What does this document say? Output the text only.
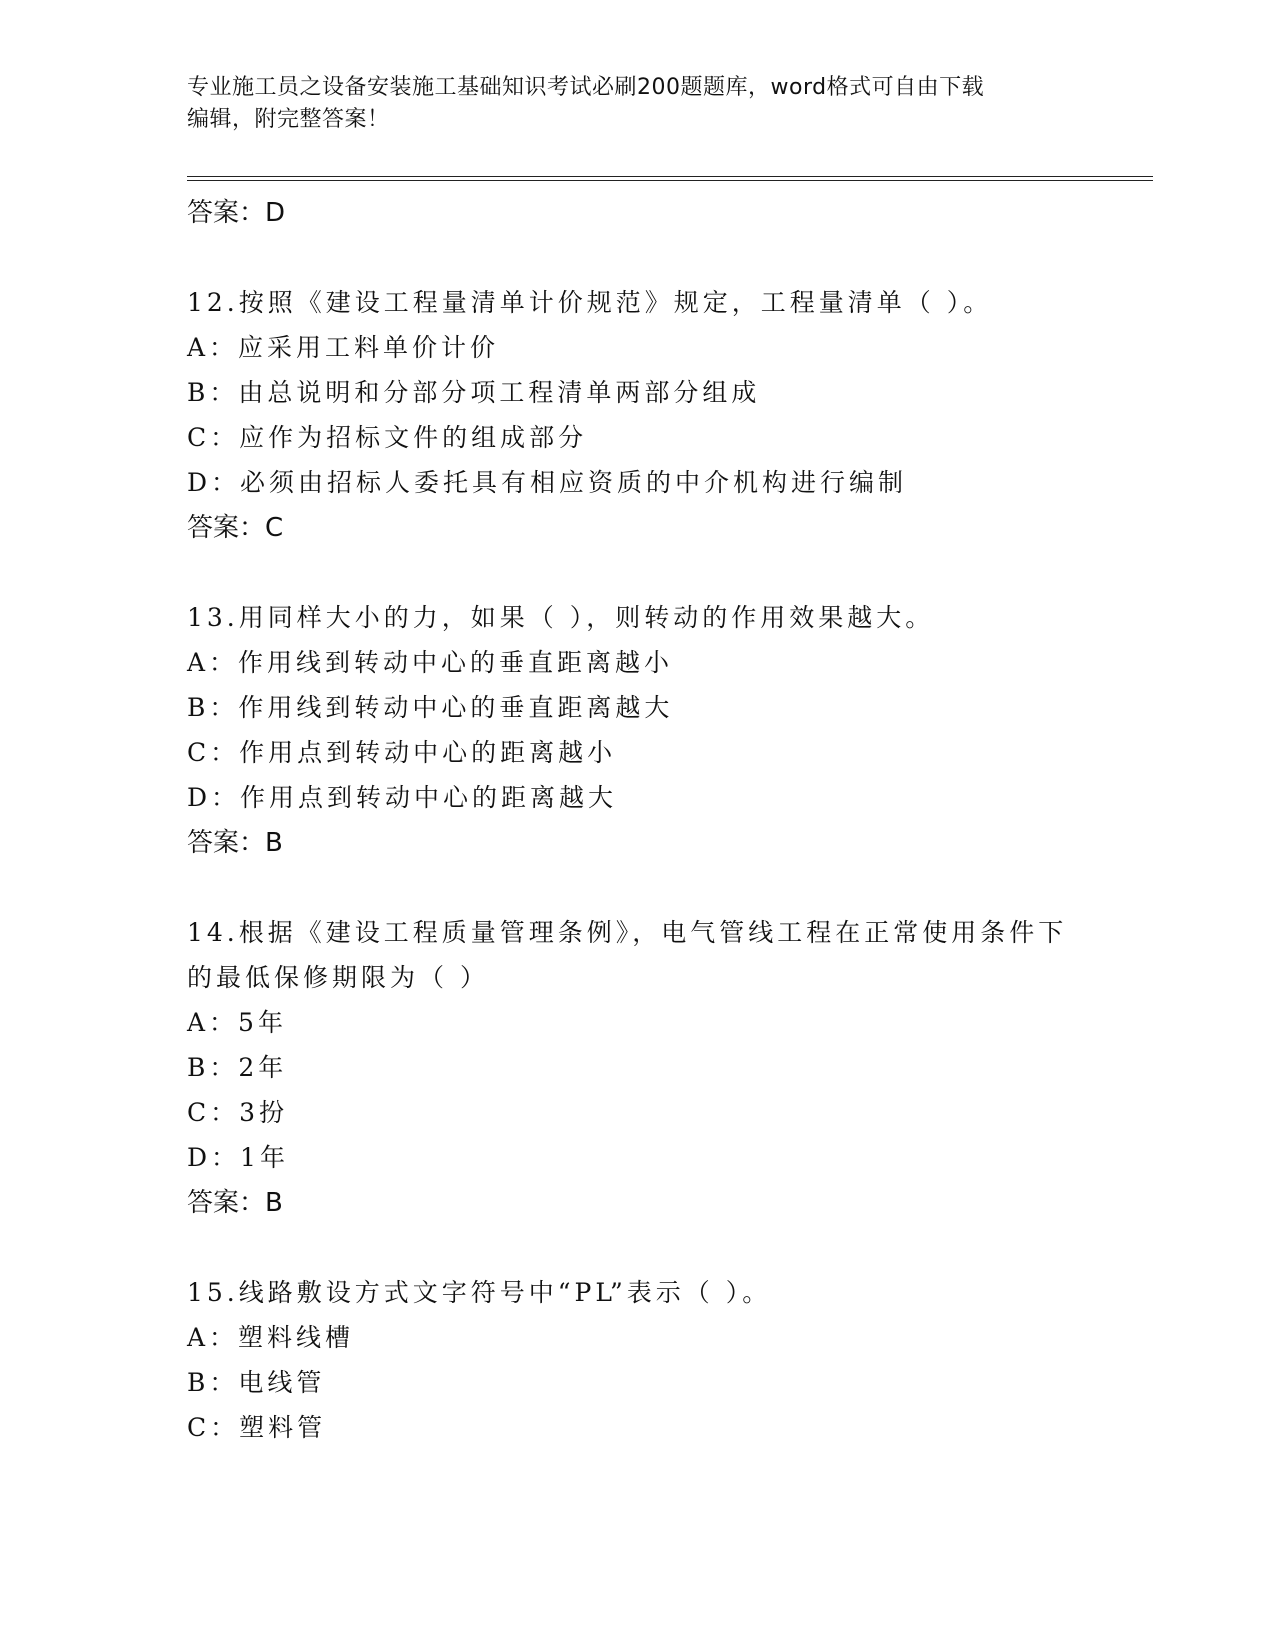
专业施工员之设备安装施工基础知识考试必刷200题题库，word格式可自由下载
编辑，附完整答案！

答案：D

12.按照《建设工程量清单计价规范》规定，工程量清单（ ）。

A：应采用工料单价计价

B：由总说明和分部分项工程清单两部分组成

C：应作为招标文件的组成部分

D：必须由招标人委托具有相应资质的中介机构进行编制

答案：C

13.用同样大小的力，如果（ ），则转动的作用效果越大。

A：作用线到转动中心的垂直距离越小

B：作用线到转动中心的垂直距离越大

C：作用点到转动中心的距离越小

D：作用点到转动中心的距离越大

答案：B

14.根据《建设工程质量管理条例》，电气管线工程在正常使用条件下

的最低保修期限为（ ）

A：5年

B：2年

C：3扮

D：1年

答案：B

15.线路敷设方式文字符号中“PL”表示（ ）。

A：塑料线槽

B：电线管

C：塑料管
